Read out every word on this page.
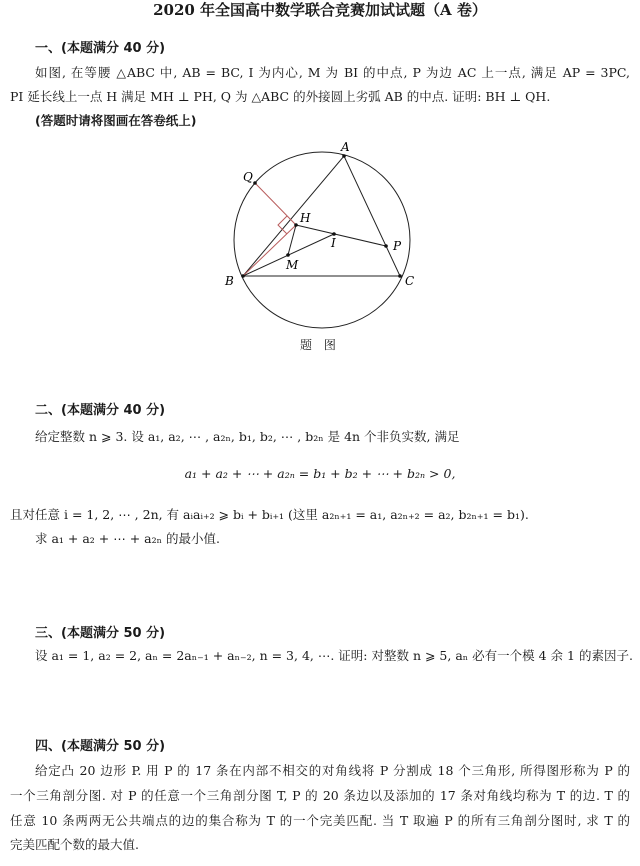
2020 年全国高中数学联合竞赛加试试题（A 卷）
一、(本题满分 40 分)
如图, 在等腰 △ABC 中, AB = BC, I 为内心, M 为 BI 的中点, P 为边 AC 上一点, 满足 AP = 3PC,
PI 延长线上一点 H 满足 MH ⊥ PH, Q 为 △ABC 的外接圆上劣弧 AB 的中点. 证明: BH ⊥ QH.
(答题时请将图画在答卷纸上)
A
B	C
Q
H
I	P
M
题 图
二、(本题满分 40 分)
给定整数 n ⩾ 3. 设 a₁, a₂, ⋯ , a₂ₙ, b₁, b₂, ⋯ , b₂ₙ 是 4n 个非负实数, 满足
a₁ + a₂ + ⋯ + a₂ₙ = b₁ + b₂ + ⋯ + b₂ₙ > 0,
且对任意 i = 1, 2, ⋯ , 2n, 有 aᵢaᵢ₊₂ ⩾ bᵢ + bᵢ₊₁ (这里 a₂ₙ₊₁ = a₁, a₂ₙ₊₂ = a₂, b₂ₙ₊₁ = b₁).
求 a₁ + a₂ + ⋯ + a₂ₙ 的最小值.
三、(本题满分 50 分)
设 a₁ = 1, a₂ = 2, aₙ = 2aₙ₋₁ + aₙ₋₂, n = 3, 4, ⋯. 证明: 对整数 n ⩾ 5, aₙ 必有一个模 4 余 1 的素因子.
四、(本题满分 50 分)
给定凸 20 边形 P. 用 P 的 17 条在内部不相交的对角线将 P 分割成 18 个三角形, 所得图形称为 P 的
一个三角剖分图. 对 P 的任意一个三角剖分图 T, P 的 20 条边以及添加的 17 条对角线均称为 T 的边. T 的
任意 10 条两两无公共端点的边的集合称为 T 的一个完美匹配. 当 T 取遍 P 的所有三角剖分图时, 求 T 的
完美匹配个数的最大值.
